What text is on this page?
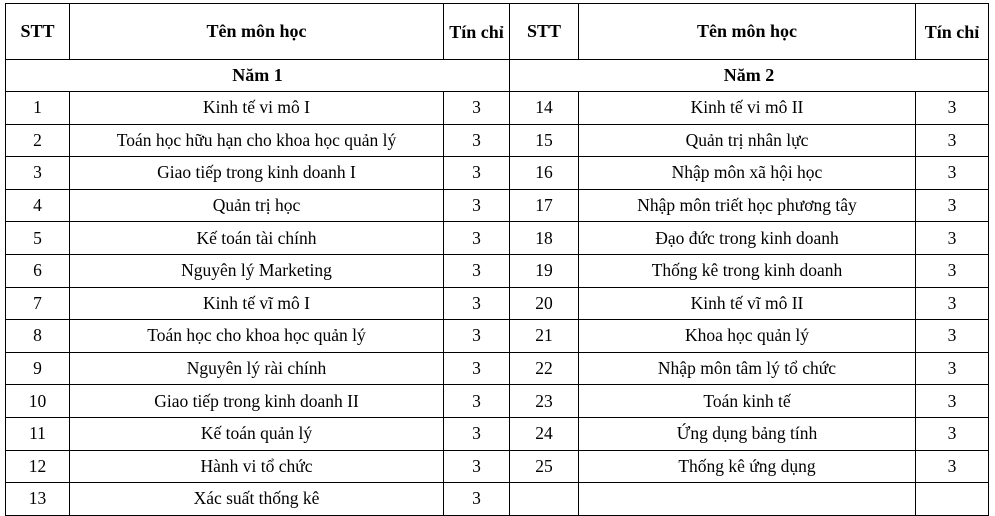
STT	Tên môn học	Tín chỉ	STT	Tên môn học	Tín chỉ
Năm 1			Năm 2		
1	Kinh tế vi mô I	3	14	Kinh tế vi mô II	3
2	Toán học hữu hạn cho khoa học quản lý	3	15	Quản trị nhân lực	3
3	Giao tiếp trong kinh doanh I	3	16	Nhập môn xã hội học	3
4	Quản trị học	3	17	Nhập môn triết học phương tây	3
5	Kế toán tài chính	3	18	Đạo đức trong kinh doanh	3
6	Nguyên lý Marketing	3	19	Thống kê trong kinh doanh	3
7	Kinh tế vĩ mô I	3	20	Kinh tế vĩ mô II	3
8	Toán học cho khoa học quản lý	3	21	Khoa học quản lý	3
9	Nguyên lý rài chính	3	22	Nhập môn tâm lý tổ chức	3
10	Giao tiếp trong kinh doanh II	3	23	Toán kinh tế	3
11	Kế toán quản lý	3	24	Ứng dụng bảng tính	3
12	Hành vi tổ chức	3	25	Thống kê ứng dụng	3
13	Xác suất thống kê	3			
